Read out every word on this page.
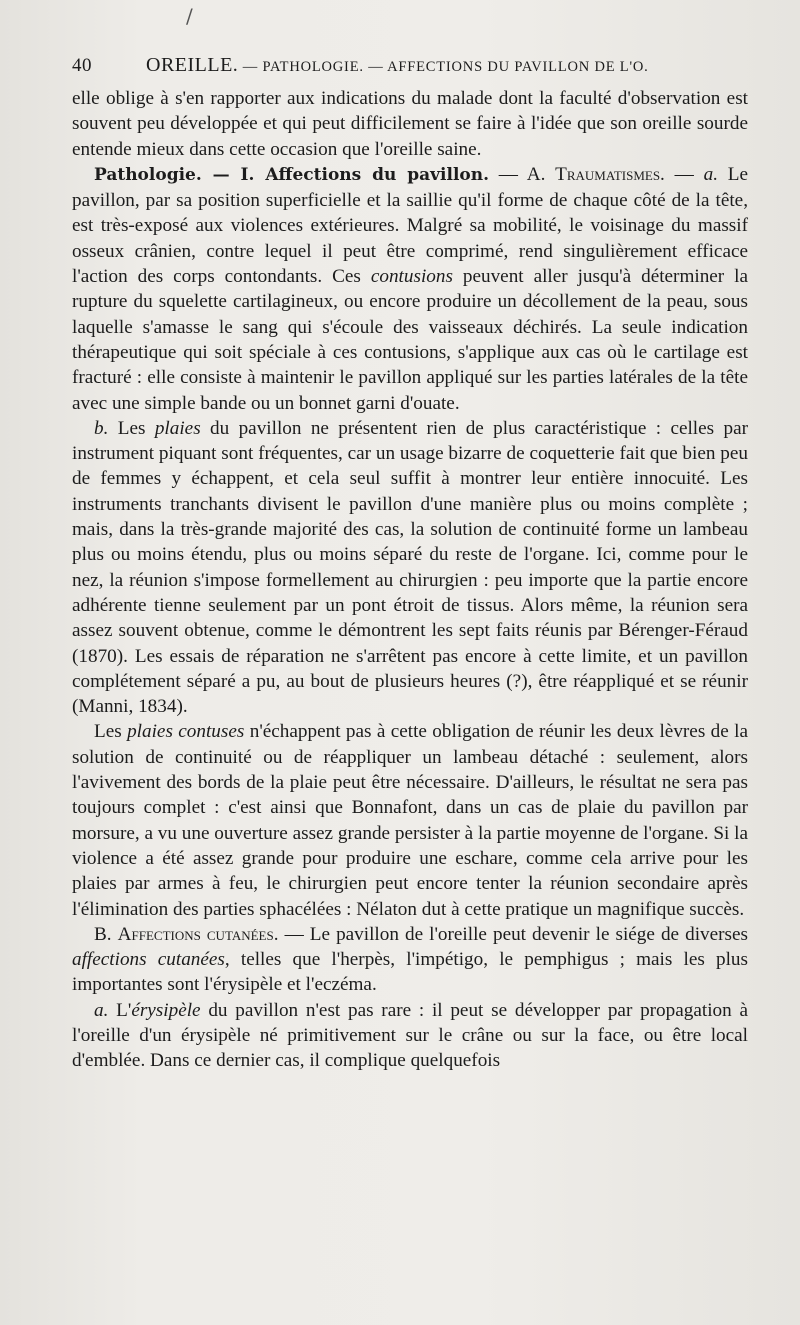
/
40	OREILLE. — PATHOLOGIE. — AFFECTIONS DU PAVILLON DE L'O.

elle oblige à s'en rapporter aux indications du malade dont la faculté d'observation est souvent peu développée et qui peut difficilement se faire à l'idée que son oreille sourde entende mieux dans cette occasion que l'oreille saine.

Pathologie. — I. Affections du pavillon. — A. Traumatismes. — a. Le pavillon, par sa position superficielle et la saillie qu'il forme de chaque côté de la tête, est très-exposé aux violences extérieures. Malgré sa mobilité, le voisinage du massif osseux crânien, contre lequel il peut être comprimé, rend singulièrement efficace l'action des corps contondants. Ces contusions peuvent aller jusqu'à déterminer la rupture du squelette cartilagineux, ou encore produire un décollement de la peau, sous laquelle s'amasse le sang qui s'écoule des vaisseaux déchirés. La seule indication thérapeutique qui soit spéciale à ces contusions, s'applique aux cas où le cartilage est fracturé : elle consiste à maintenir le pavillon appliqué sur les parties latérales de la tête avec une simple bande ou un bonnet garni d'ouate.

b. Les plaies du pavillon ne présentent rien de plus caractéristique : celles par instrument piquant sont fréquentes, car un usage bizarre de coquetterie fait que bien peu de femmes y échappent, et cela seul suffit à montrer leur entière innocuité. Les instruments tranchants divisent le pavillon d'une manière plus ou moins complète ; mais, dans la très-grande majorité des cas, la solution de continuité forme un lambeau plus ou moins étendu, plus ou moins séparé du reste de l'organe. Ici, comme pour le nez, la réunion s'impose formellement au chirurgien : peu importe que la partie encore adhérente tienne seulement par un pont étroit de tissus. Alors même, la réunion sera assez souvent obtenue, comme le démontrent les sept faits réunis par Bérenger-Féraud (1870). Les essais de réparation ne s'arrêtent pas encore à cette limite, et un pavillon complétement séparé a pu, au bout de plusieurs heures (?), être réappliqué et se réunir (Manni, 1834).

Les plaies contuses n'échappent pas à cette obligation de réunir les deux lèvres de la solution de continuité ou de réappliquer un lambeau détaché : seulement, alors l'avivement des bords de la plaie peut être nécessaire. D'ailleurs, le résultat ne sera pas toujours complet : c'est ainsi que Bonnafont, dans un cas de plaie du pavillon par morsure, a vu une ouverture assez grande persister à la partie moyenne de l'organe. Si la violence a été assez grande pour produire une eschare, comme cela arrive pour les plaies par armes à feu, le chirurgien peut encore tenter la réunion secondaire après l'élimination des parties sphacélées : Nélaton dut à cette pratique un magnifique succès.

B. Affections cutanées. — Le pavillon de l'oreille peut devenir le siége de diverses affections cutanées, telles que l'herpès, l'impétigo, le pemphigus ; mais les plus importantes sont l'érysipèle et l'eczéma.

a. L'érysipèle du pavillon n'est pas rare : il peut se développer par propagation à l'oreille d'un érysipèle né primitivement sur le crâne ou sur la face, ou être local d'emblée. Dans ce dernier cas, il complique quelquefois
